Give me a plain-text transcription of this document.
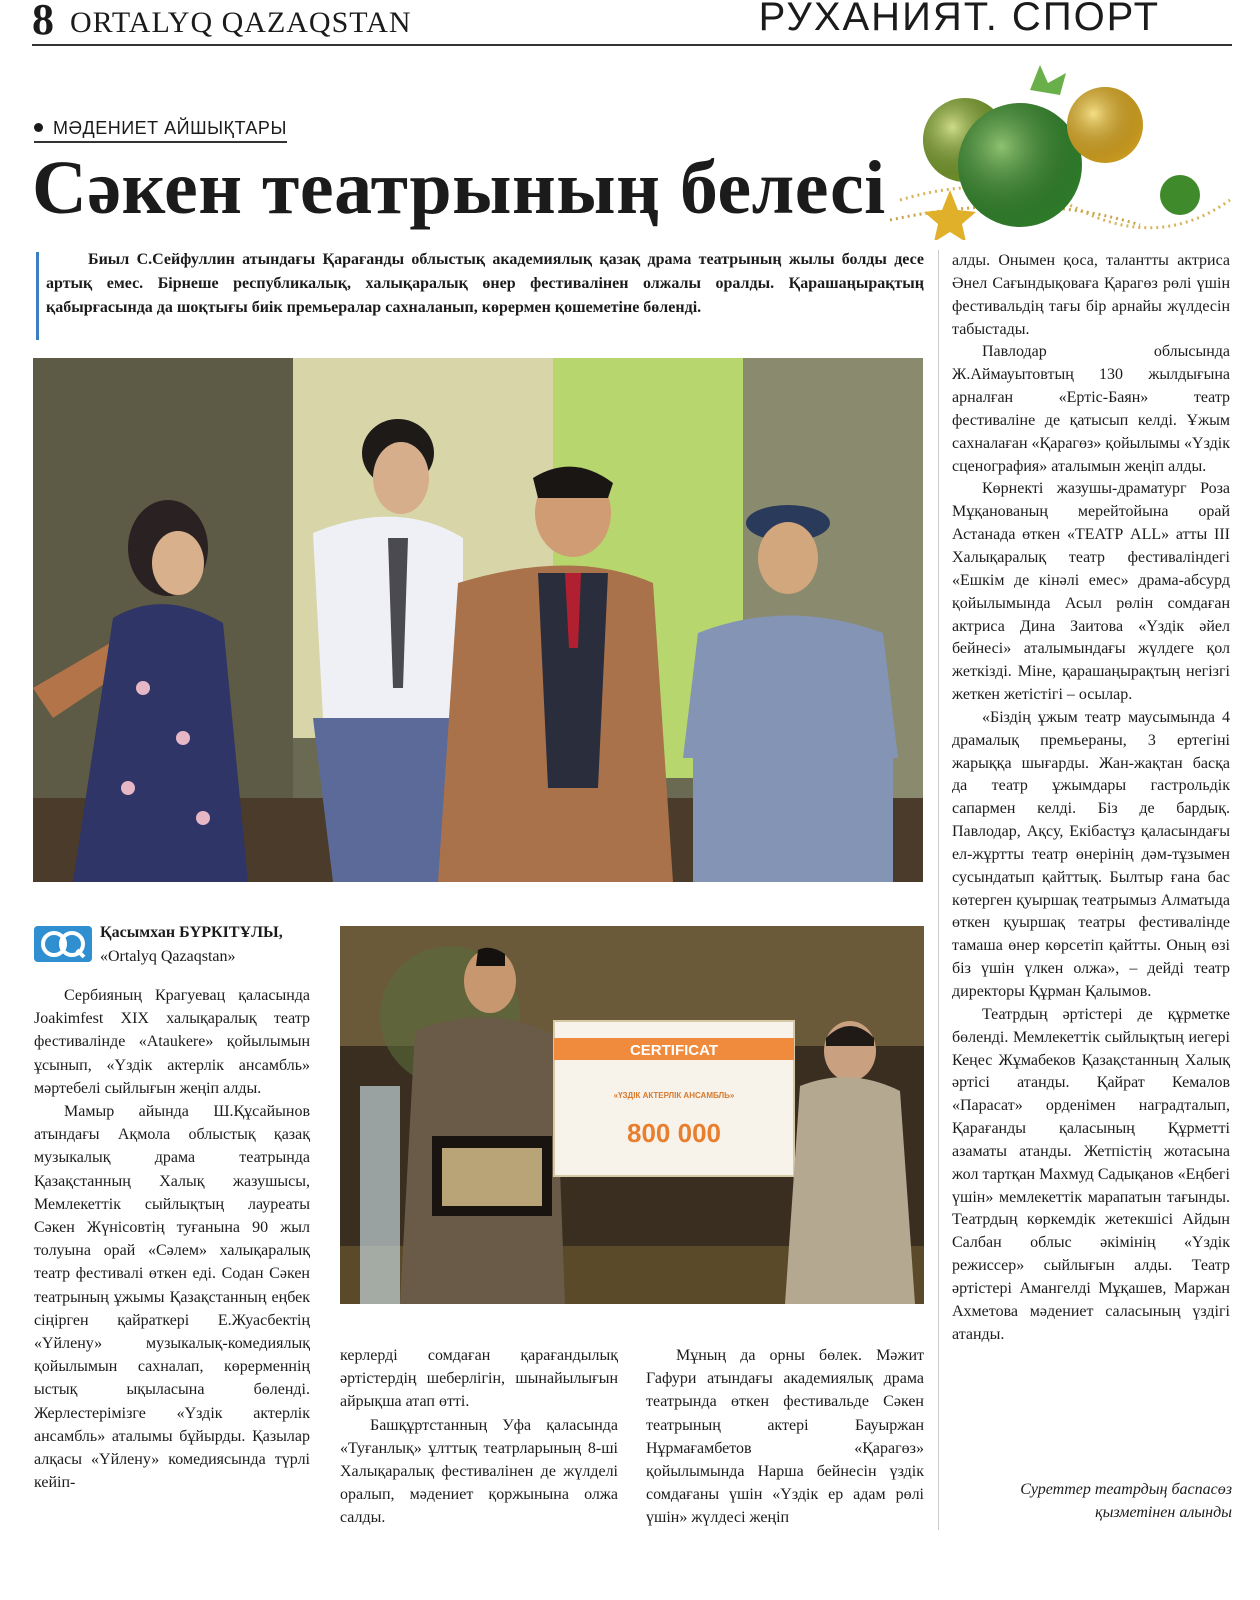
8 ORTALYQ QAZAQSTAN	РУХАНИЯТ. СПОРТ
МӘДЕНИЕТ АЙШЫҚТАРЫ
Сәкен театрының белесі

Биыл С.Сейфуллин атындағы Қарағанды облыстық академиялық қазақ драма театрының жылы болды десе артық емес. Бірнеше республикалық, халықаралық өнер фестивалінен олжалы оралды. Қарашаңырақтың қабырғасында да шоқтығы биік премьералар сахналанып, көрермен қошеметіне бөленді.

CERTIFICAT
«ҮЗДІК АКТЕРЛІК АНСАМБЛЬ»
800 000
Қасымхан БҮРКІТҰЛЫ,
«Ortalyq Qazaqstan»

Сербияның Крагуевац қаласында Joakimfest XIX халықаралық театр фестивалінде «Ataukere» қойылымын ұсынып, «Үздік актерлік ансамбль» мәртебелі сыйлығын жеңіп алды.

Мамыр айында Ш.Құсайынов атындағы Ақмола облыстық қазақ музыкалық драма театрында Қазақстанның Халық жазушысы, Мемлекеттік сыйлықтың лауреаты Сәкен Жүнісовтің туғанына 90 жыл толуына орай «Сәлем» халықаралық театр фестивалі өткен еді. Содан Сәкен театрының ұжымы Қазақстанның еңбек сіңірген қайраткері Е.Жуасбектің «Үйлену» музыкалық-комедиялық қойылымын сахналап, көрерменнің ыстық ықыласына бөленді. Жерлестерімізге «Үздік актерлік ансамбль» аталымы бұйырды. Қазылар алқасы «Үйлену» комедиясында түрлі кейіп-

керлерді сомдаған қарағандылық әртістердің шеберлігін, шынайылығын айрықша атап өтті.

Башқұртстанның Уфа қаласында «Туғанлық» ұлттық театрларының 8-ші Халықаралық фестивалінен де жүлделі оралып, мәдениет қоржынына олжа салды.

Мұның да орны бөлек. Мәжит Гафури атындағы академиялық драма театрында өткен фестивальде Сәкен театрының актері Бауыржан Нұрмағамбетов «Қарагөз» қойылымында Нарша бейнесін үздік сомдағаны үшін «Үздік ер адам рөлі үшін» жүлдесі жеңіп

алды. Онымен қоса, талантты актриса Әнел Сағындықоваға Қарагөз рөлі үшін фестивальдің тағы бір арнайы жүлдесін табыстады.

Павлодар облысында Ж.Аймауытовтың 130 жылдығына арналған «Ертіс-Баян» театр фестиваліне де қатысып келді. Ұжым сахналаған «Қарагөз» қойылымы «Үздік сценография» аталымын жеңіп алды.

Көрнекті жазушы-драматург Роза Мұқанованың мерейтойына орай Астанада өткен «ТЕАТР ALL» атты III Халықаралық театр фестиваліндегі «Ешкім де кінәлі емес» драма-абсурд қойылымында Асыл рөлін сомдаған актриса Дина Заитова «Үздік әйел бейнесі» аталымындағы жүлдеге қол жеткізді. Міне, қарашаңырақтың негізгі жеткен жетістігі – осылар.

«Біздің ұжым театр маусымында 4 драмалық премьераны, 3 ертегіні жарыққа шығарды. Жан-жақтан басқа да театр ұжымдары гастрольдік сапармен келді. Біз де бардық. Павлодар, Ақсу, Екібастұз қаласындағы ел-жұртты театр өнерінің дәм-тұзымен сусындатып қайттық. Былтыр ғана бас көтерген қуыршақ театрымыз Алматыда өткен қуыршақ театры фестивалінде тамаша өнер көрсетіп қайтты. Оның өзі біз үшін үлкен олжа», – дейді театр директоры Құрман Қалымов.

Театрдың әртістері де құрметке бөленді. Мемлекеттік сыйлықтың иегері Кеңес Жұмабеков Қазақстанның Халық әртісі атанды. Қайрат Кемалов «Парасат» орденімен наградталып, Қарағанды қаласының Құрметті азаматы атанды. Жетпістің жотасына жол тартқан Махмуд Садықанов «Еңбегі үшін» мемлекеттік марапатын тағынды. Театрдың көркемдік жетекшісі Айдын Салбан облыс әкімінің «Үздік режиссер» сыйлығын алды. Театр әртістері Амангелді Мұқашев, Маржан Ахметова мәдениет саласының үздігі атанды.

Суреттер театрдың баспасөз қызметінен алынды
